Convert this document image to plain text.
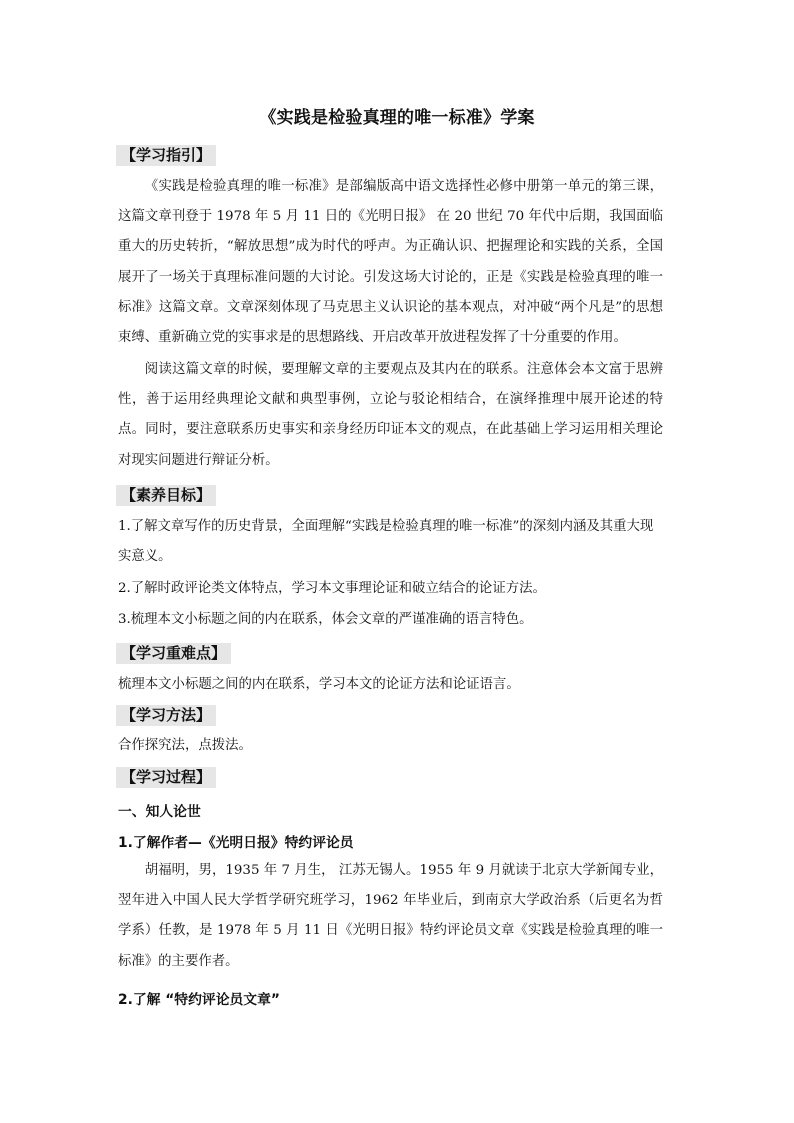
《实践是检验真理的唯一标准》学案
【学习指引】

《实践是检验真理的唯一标准》是部编版高中语文选择性必修中册第一单元的第三课，这篇文章刊登于 1978 年 5 月 11 日的《光明日报》 在 20 世纪 70 年代中后期，我国面临重大的历史转折，“解放思想”成为时代的呼声。为正确认识、把握理论和实践的关系，全国展开了一场关于真理标准问题的大讨论。引发这场大讨论的，正是《实践是检验真理的唯一标准》这篇文章。文章深刻体现了马克思主义认识论的基本观点，对冲破“两个凡是”的思想束缚、重新确立党的实事求是的思想路线、开启改革开放进程发挥了十分重要的作用。

阅读这篇文章的时候，要理解文章的主要观点及其内在的联系。注意体会本文富于思辨性，善于运用经典理论文献和典型事例，立论与驳论相结合，在演绎推理中展开论述的特点。同时，要注意联系历史事实和亲身经历印证本文的观点，在此基础上学习运用相关理论对现实问题进行辩证分析。

【素养目标】

1.了解文章写作的历史背景，全面理解“实践是检验真理的唯一标准”的深刻内涵及其重大现实意义。

2.了解时政评论类文体特点，学习本文事理论证和破立结合的论证方法。

3.梳理本文小标题之间的内在联系，体会文章的严谨准确的语言特色。

【学习重难点】

梳理本文小标题之间的内在联系，学习本文的论证方法和论证语言。

【学习方法】

合作探究法，点拨法。

【学习过程】
一、知人论世
1.了解作者—《光明日报》特约评论员

胡福明，男，1935 年 7 月生， 江苏无锡人。1955 年 9 月就读于北京大学新闻专业，翌年进入中国人民大学哲学研究班学习，1962 年毕业后，到南京大学政治系（后更名为哲学系）任教，是 1978 年 5 月 11 日《光明日报》特约评论员文章《实践是检验真理的唯一标准》的主要作者。

2.了解 “特约评论员文章”
